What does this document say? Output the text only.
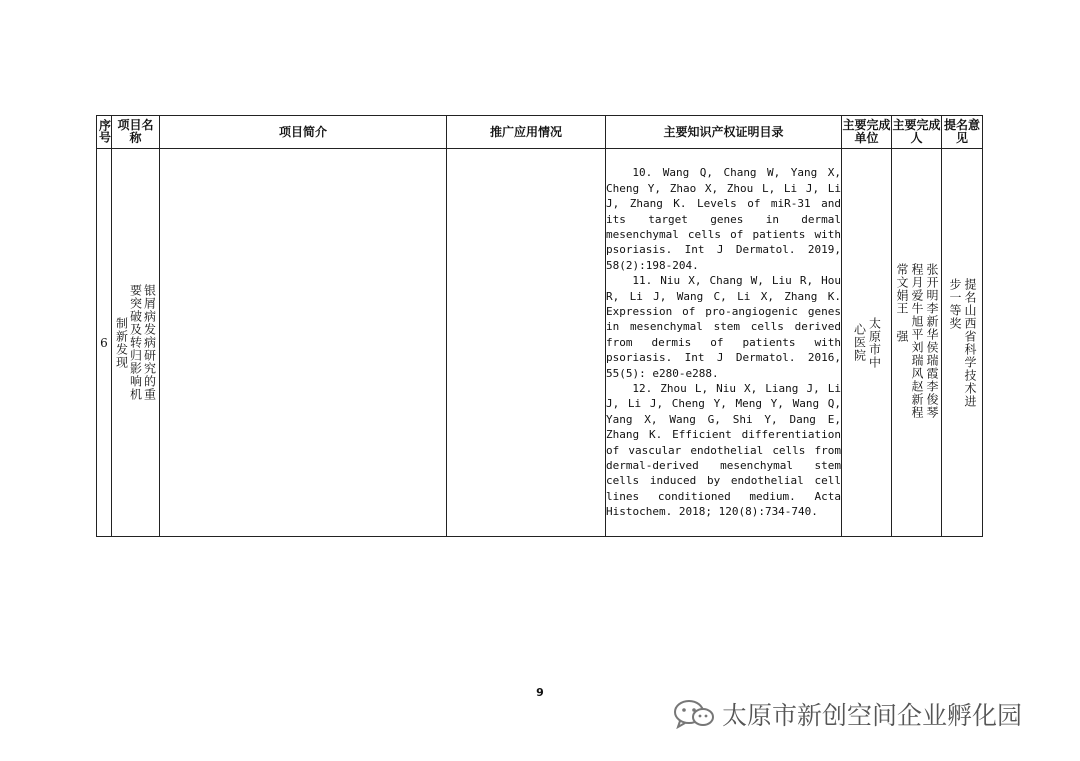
序号	项目名称	项目简介	推广应用情况	主要知识产权证明目录	主要完成单位	主要完成人	提名意见
6	银屑病发病研究的重要突破及转归影响机制新发现			10. Wang Q, Chang W, Yang X, Cheng Y, Zhao X, Zhou L, Li J, Li J, Zhang K. Levels of miR-31 and its target genes in dermal mesenchymal cells of patients with psoriasis. Int J Dermatol. 2019, 58(2):198-204.

11. Niu X, Chang W, Liu R, Hou R, Li J, Wang C, Li X, Zhang K. Expression of pro-angiogenic genes in mesenchymal stem cells derived from dermis of patients with psoriasis. Int J Dermatol. 2016, 55(5): e280-e288.

12. Zhou L, Niu X, Liang J, Li J, Li J, Cheng Y, Meng Y, Wang Q, Yang X, Wang G, Shi Y, Dang E, Zhang K. Efficient differentiation of vascular endothelial cells from dermal-derived mesenchymal stem cells induced by endothelial cell lines conditioned medium. Acta Histochem. 2018; 120(8):734-740.	太原市中心医院	张开明李新华侯瑞霞李俊琴程月爱牛旭平刘瑞风赵新程常文娟王 强	提名山西省科学技术进步一等奖
9
太原市新创空间企业孵化园
